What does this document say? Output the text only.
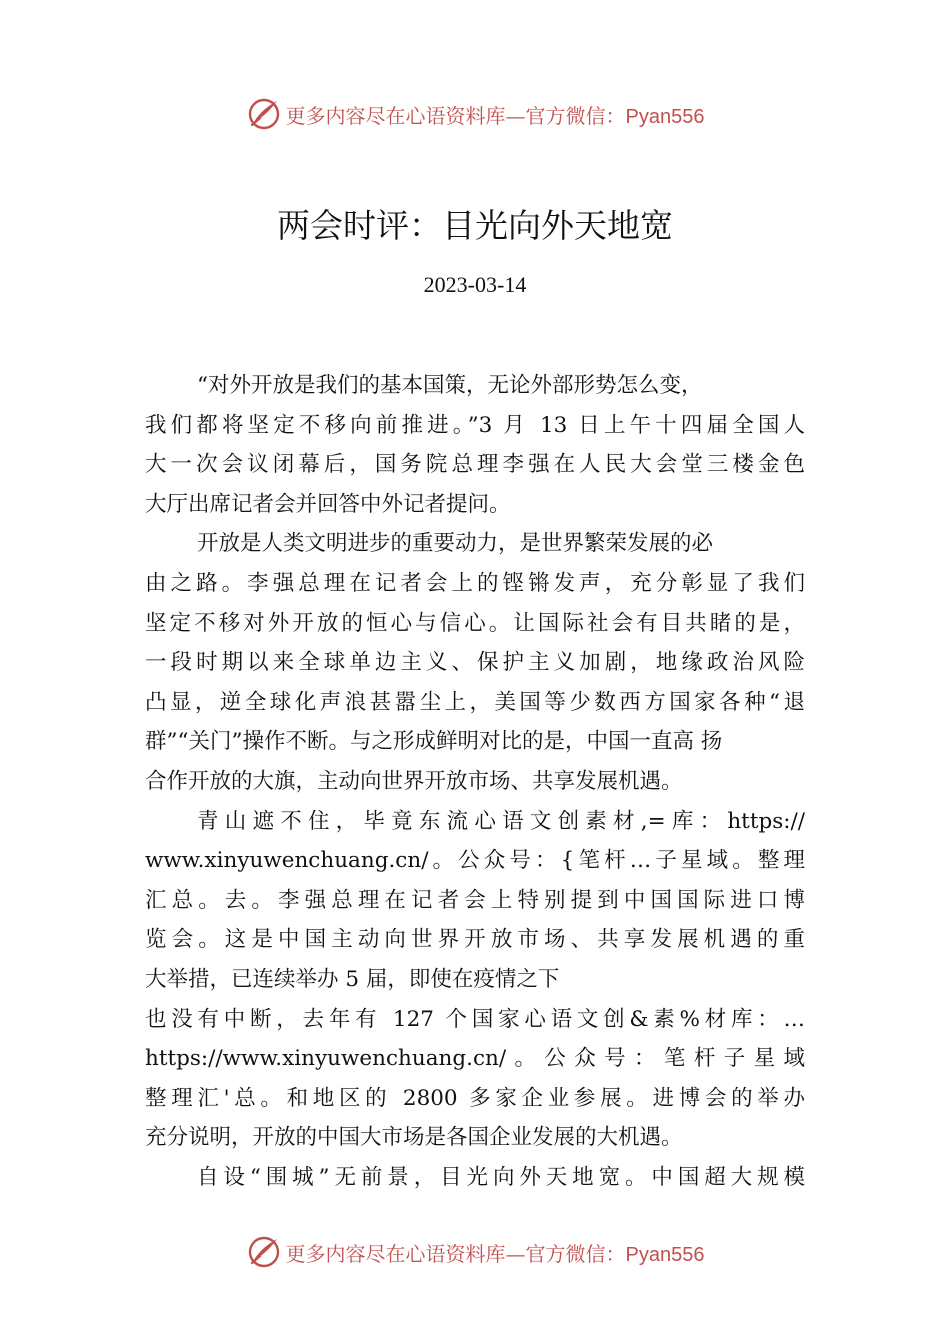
更多内容尽在心语资料库—官方微信：Pyan556
两会时评：目光向外天地宽
2023-03-14
“对外开放是我们的基本国策，无论外部形势怎么变，
我们都将坚定不移向前推进。”3 月 13 日上午十四届全国人
大一次会议闭幕后，国务院总理李强在人民大会堂三楼金色
大厅出席记者会并回答中外记者提问。
开放是人类文明进步的重要动力，是世界繁荣发展的必
由之路。李强总理在记者会上的铿锵发声，充分彰显了我们
坚定不移对外开放的恒心与信心。让国际社会有目共睹的是，
一段时期以来全球单边主义、保护主义加剧，地缘政治风险
凸显，逆全球化声浪甚嚣尘上，美国等少数西方国家各种“退
群”“关门”操作不断。与之形成鲜明对比的是，中国一直高 扬
合作开放的大旗，主动向世界开放市场、共享发展机遇。
青山遮不住，毕竟东流心语文创素材,=库：https://
www.xinyuwenchuang.cn/。公众号：{笔杆…子星域。整理
汇总。去。李强总理在记者会上特别提到中国国际进口博
览会。这是中国主动向世界开放市场、共享发展机遇的重
大举措，已连续举办 5 届，即使在疫情之下
也没有中断，去年有 127 个国家心语文创&素%材库：…
https://www.xinyuwenchuang.cn/。公众号：笔杆子星域
整理汇'总。和地区的 2800 多家企业参展。进博会的举办
充分说明，开放的中国大市场是各国企业发展的大机遇。
自设“围城”无前景，目光向外天地宽。中国超大规模
更多内容尽在心语资料库—官方微信：Pyan556
